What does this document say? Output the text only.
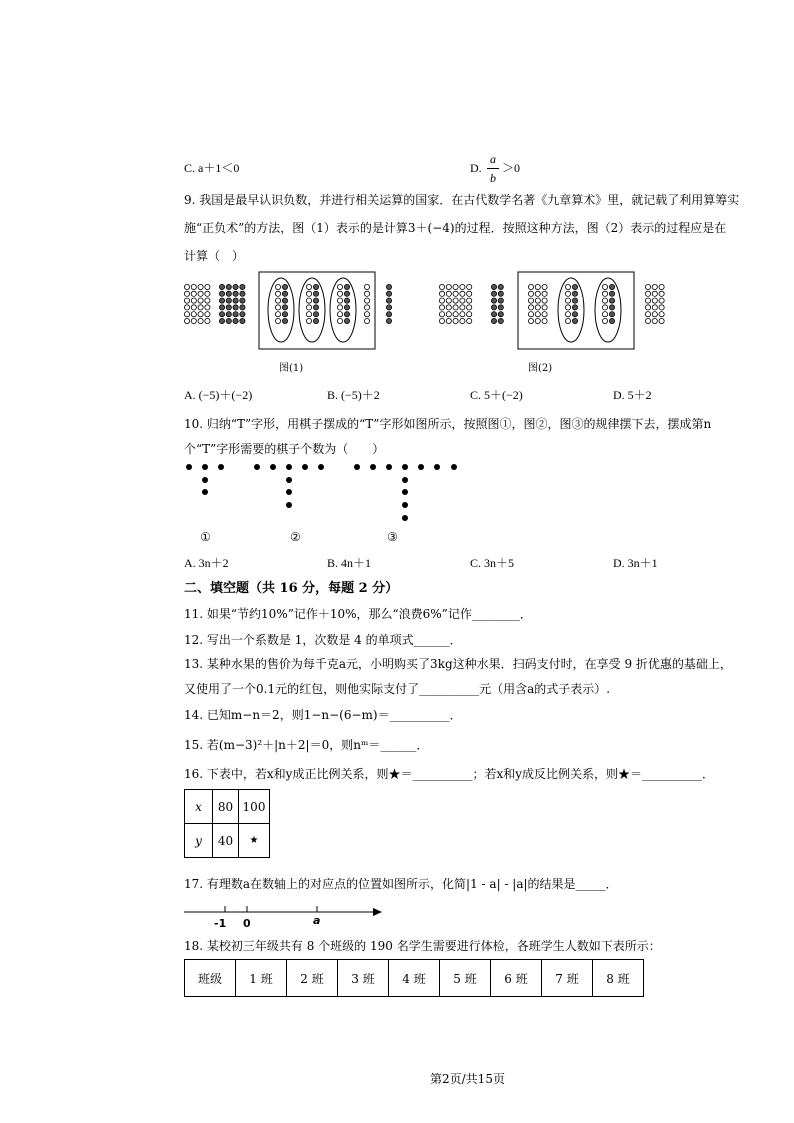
C. a＋1＜0	D.
a
b
＞0
9. 我国是最早认识负数，并进行相关运算的国家．在古代数学名著《九章算术》里，就记载了利用算筹实
施“正负术”的方法，图（1）表示的是计算3＋(−4)的过程．按照这种方法，图（2）表示的过程应是在
计算（　）
图(1)	图(2)
A. (−5)＋(−2)	B. (−5)＋2	C. 5＋(−2)	D. 5＋2
10. 归纳“T”字形，用棋子摆成的“T”字形如图所示，按照图①，图②，图③的规律摆下去，摆成第n
个“T”字形需要的棋子个数为（　　）
①	②	③
A. 3n＋2	B. 4n＋1	C. 3n＋5	D. 3n＋1
二、填空题（共 16 分，每题 2 分）
11. 如果“节约10%”记作＋10%，那么“浪费6%”记作________．
12. 写出一个系数是 1，次数是 4 的单项式______．
13. 某种水果的售价为每千克a元，小明购买了3kg这种水果．扫码支付时，在享受 9 折优惠的基础上，
又使用了一个0.1元的红包，则他实际支付了__________元（用含a的式子表示）.
14. 已知m−n＝2，则1−n−(6−m)＝__________．
15. 若(m−3)²＋|n＋2|＝0，则nᵐ＝______．
16. 下表中，若x和y成正比例关系，则★＝__________；若x和y成反比例关系，则★＝__________．
x	80	100
y	40	★
17. 有理数a在数轴上的对应点的位置如图所示，化简|1 - a| - |a|的结果是_____．
-1 0	a
18. 某校初三年级共有 8 个班级的 190 名学生需要进行体检，各班学生人数如下表所示：
班级	1 班	2 班	3 班	4 班	5 班	6 班	7 班	8 班
第2页/共15页
